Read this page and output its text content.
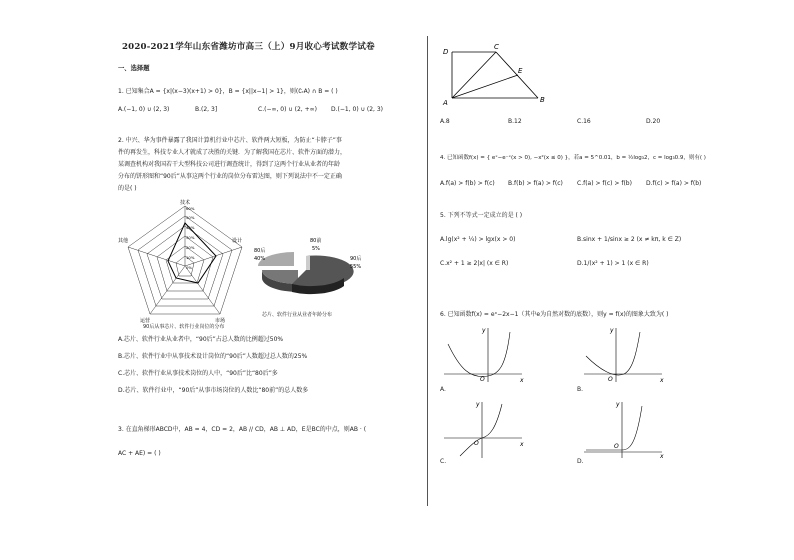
2020-2021学年山东省潍坊市高三（上）9月收心考试数学试卷
一、选择题
1. 已知集合A = {x|(x−3)(x+1) > 0}，B = {x||x−1| > 1}，则(∁ᵣA) ∩ B = ( )
A.(−1, 0) ∪ (2, 3)	B.(2, 3]	C.(−∞, 0) ∪ (2, +∞) D.(−1, 0) ∪ (2, 3)
2. 中兴、华为事件暴露了我国计算机行业中芯片、软件两大短板，为防止“卡脖子”事
件的再发生，科技专业人才就成了决胜的关键．为了解我国在芯片、软件方面的潜力，
某调查机构对我国若干大型科技公司进行调查统计，得到了这两个行业从业者的年龄
分布的饼形图和“90后”从事这两个行业的岗位分布雷达图，则下列说法中不一定正确
的是( )
技术
设计
市场
运营
其他
60%
50%
40%
30%
20%
10%
0%
90后从事芯片、软件行业岗位的分布
80前
5%
80后
40%	90后
55%
芯片、软件行业从业者年龄分布
A.芯片、软件行业从业者中，“90后”占总人数的比例超过50%
B.芯片、软件行业中从事技术设计岗位的“90后”人数超过总人数的25%
C.芯片、软件行业从事技术岗位的人中，“90后”比“80后”多
D.芯片、软件行业中，“90后”从事市场岗位的人数比“80前”的总人数多
3. 在直角梯形ABCD中，AB = 4，CD = 2，AB // CD，AB ⊥ AD，E是BC的中点，则AB · (
AC + AE) = ( )
D
C
E
A	B
A.8	B.12	C.16	D.20
4. 已知函数f(x) = { eˣ−e⁻ˣ(x > 0), −x²(x ≤ 0) }，若a = 5^0.01，b = ½log₃2，c = log₃0.9，则有( )
A.f(a) > f(b) > f(c) B.f(b) > f(a) > f(c) C.f(a) > f(c) > f(b) D.f(c) > f(a) > f(b)
5. 下列不等式一定成立的是 ( )
A.lg(x² + ¼) > lgx(x > 0)	B.sinx + 1/sinx ≥ 2 (x ≠ kπ, k ∈ Z)
C.x² + 1 ≥ 2|x| (x ∈ R)	D.1/(x² + 1) > 1 (x ∈ R)
6. 已知函数f(x) = eˣ−2x−1（其中e为自然对数的底数），则y = f(x)的图象大致为( )
x
y
O
A.
x
y
O
B.
x
y
O
C.
x
y
O
D.
